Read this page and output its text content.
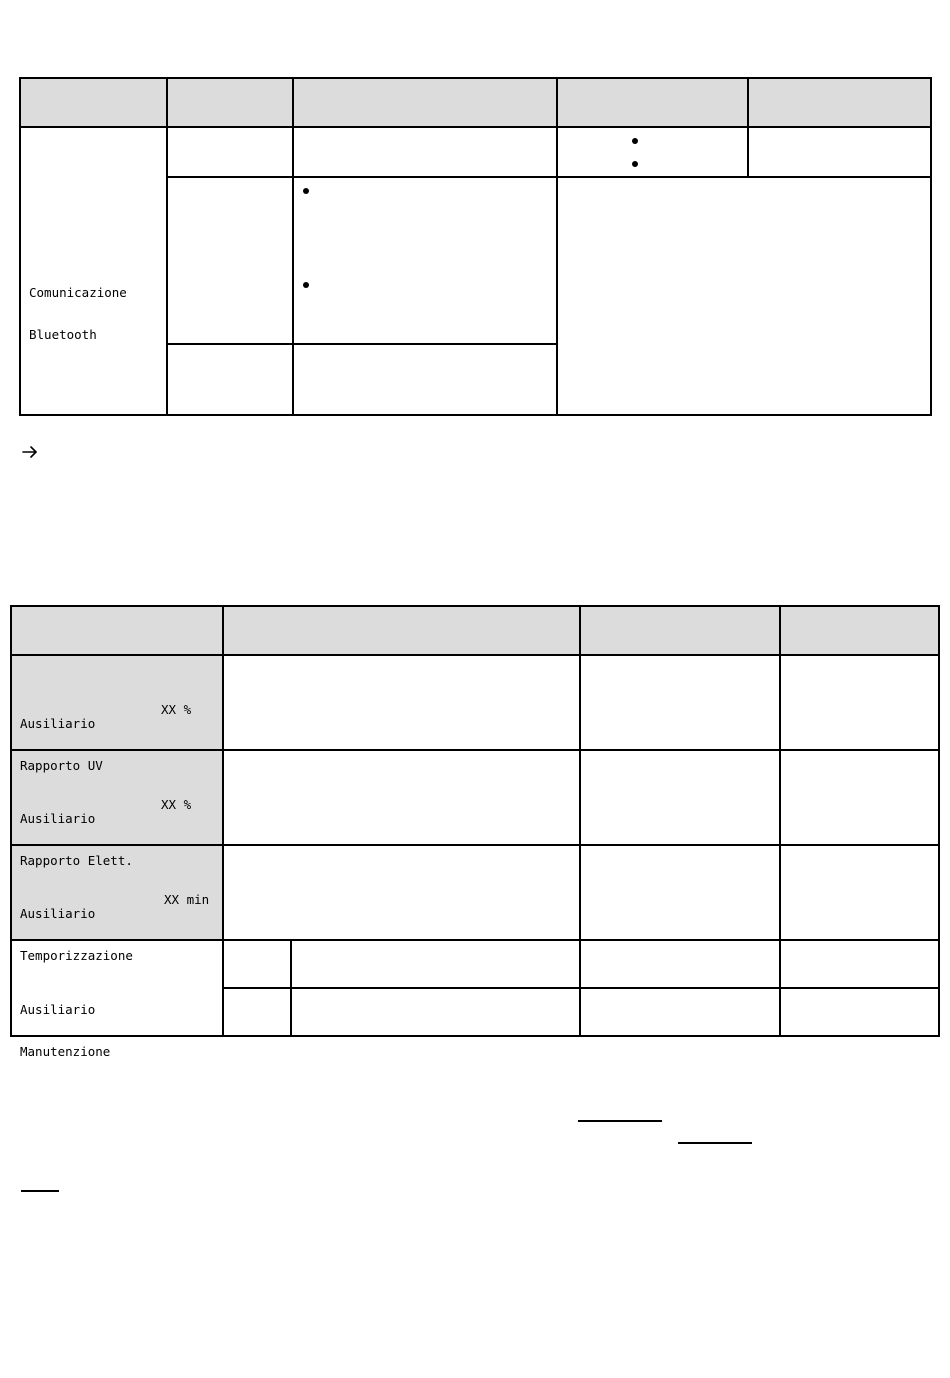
Comunicazione

Bluetooth

Ausiliario

Rapporto UV

XX %

Ausiliario

Rapporto Elett.

XX %

Ausiliario

Temporizzazione

XX min

Ausiliario

Manutenzione
